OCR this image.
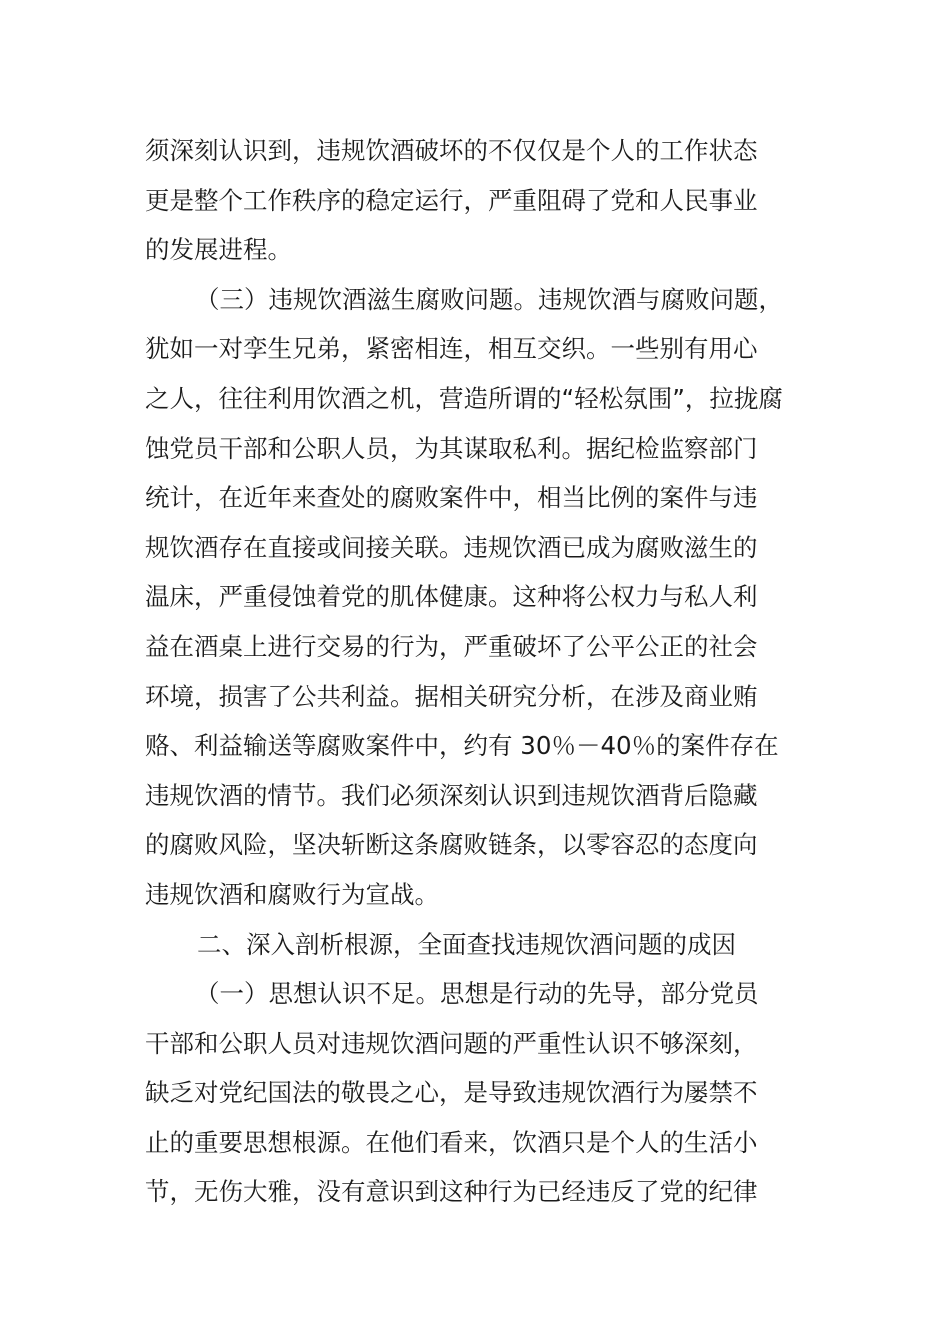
须深刻认识到，违规饮酒破坏的不仅仅是个人的工作状态
更是整个工作秩序的稳定运行，严重阻碍了党和人民事业
的发展进程。
（三）违规饮酒滋生腐败问题。违规饮酒与腐败问题，
犹如一对孪生兄弟，紧密相连，相互交织。一些别有用心
之人，往往利用饮酒之机，营造所谓的“轻松氛围”，拉拢腐
蚀党员干部和公职人员，为其谋取私利。据纪检监察部门
统计，在近年来查处的腐败案件中，相当比例的案件与违
规饮酒存在直接或间接关联。违规饮酒已成为腐败滋生的
温床，严重侵蚀着党的肌体健康。这种将公权力与私人利
益在酒桌上进行交易的行为，严重破坏了公平公正的社会
环境，损害了公共利益。据相关研究分析，在涉及商业贿
赂、利益输送等腐败案件中，约有 30％－40％的案件存在
违规饮酒的情节。我们必须深刻认识到违规饮酒背后隐藏
的腐败风险，坚决斩断这条腐败链条，以零容忍的态度向
违规饮酒和腐败行为宣战。
二、深入剖析根源，全面查找违规饮酒问题的成因
（一）思想认识不足。思想是行动的先导，部分党员
干部和公职人员对违规饮酒问题的严重性认识不够深刻，
缺乏对党纪国法的敬畏之心，是导致违规饮酒行为屡禁不
止的重要思想根源。在他们看来，饮酒只是个人的生活小
节，无伤大雅，没有意识到这种行为已经违反了党的纪律
